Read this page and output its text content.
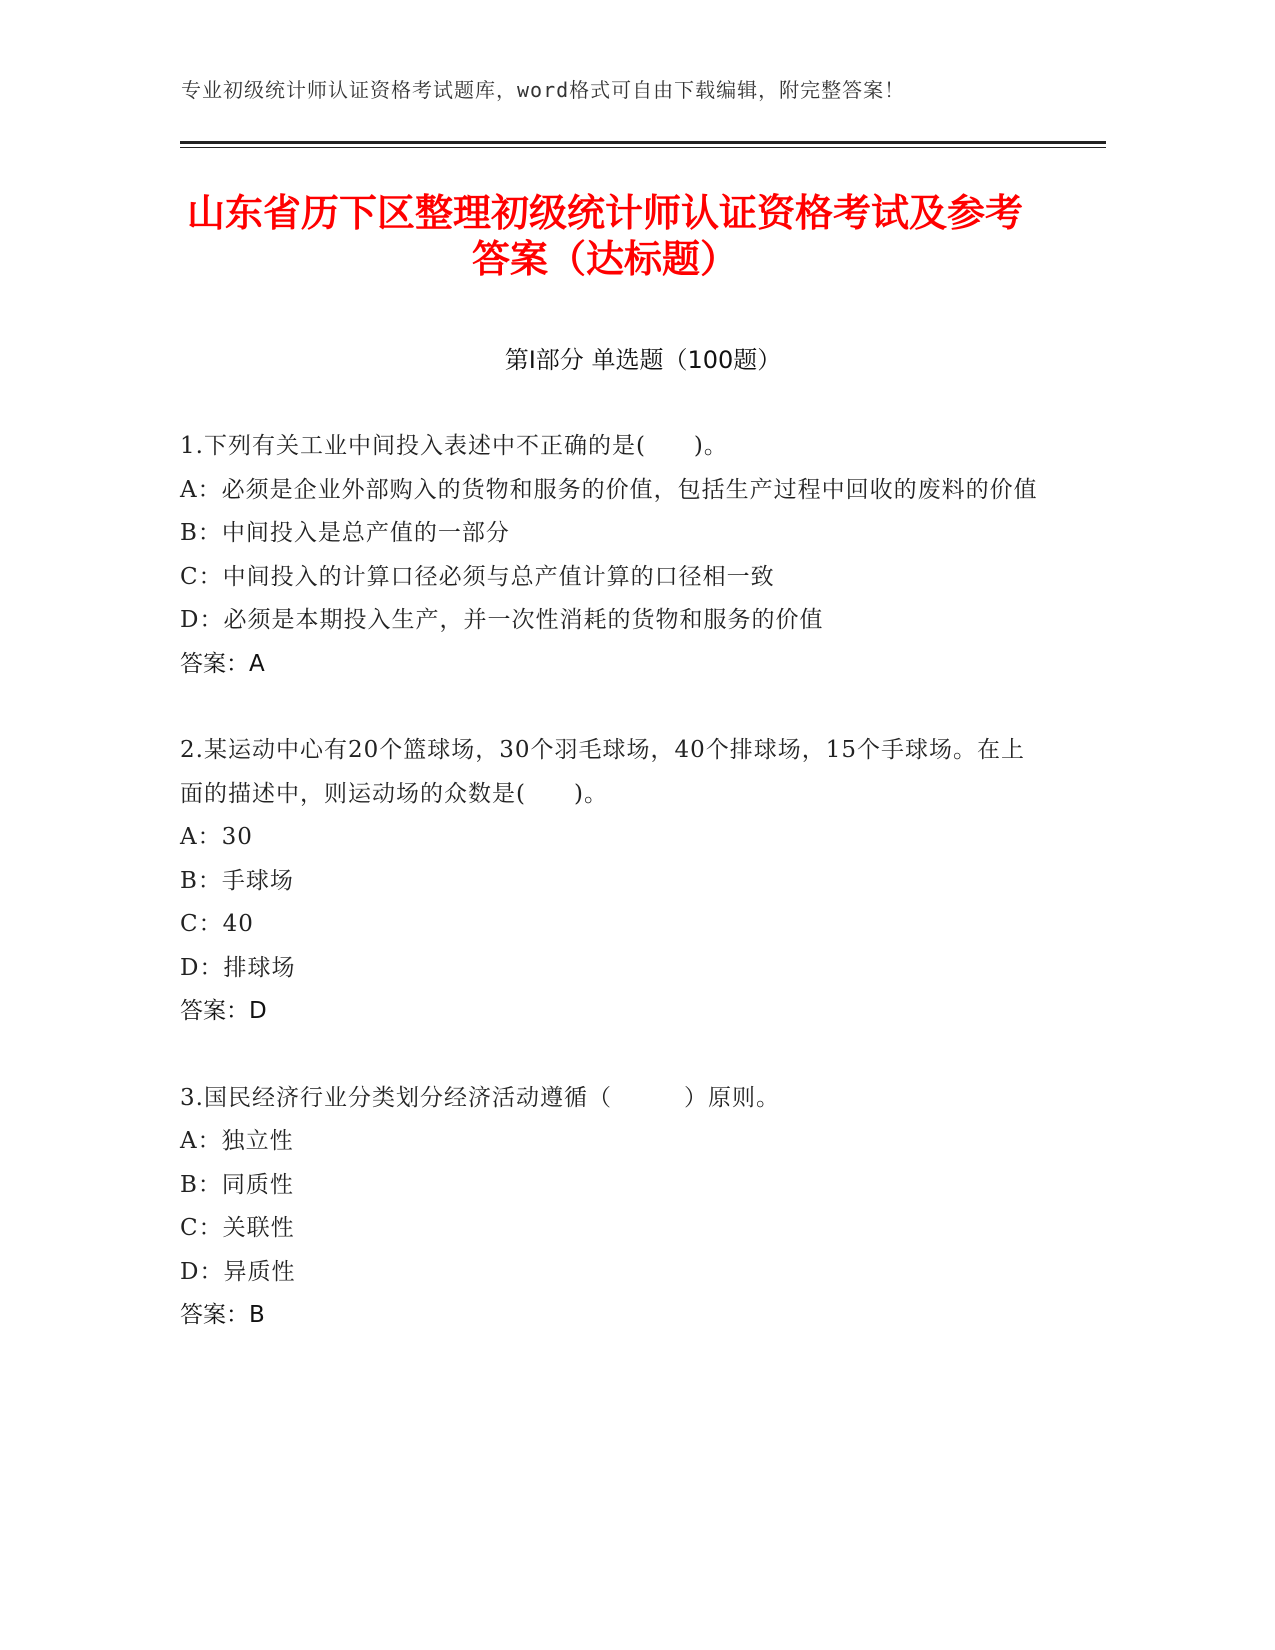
专业初级统计师认证资格考试题库，word格式可自由下载编辑，附完整答案！
山东省历下区整理初级统计师认证资格考试及参考答案（达标题）
第Ⅰ部分 单选题（100题）
1.下列有关工业中间投入表述中不正确的是(　　)。
A：必须是企业外部购入的货物和服务的价值，包括生产过程中回收的废料的价值
B：中间投入是总产值的一部分
C：中间投入的计算口径必须与总产值计算的口径相一致
D：必须是本期投入生产，并一次性消耗的货物和服务的价值
答案：A
2.某运动中心有20个篮球场，30个羽毛球场，40个排球场，15个手球场。在上面的描述中，则运动场的众数是(　　)。
A：30
B：手球场
C：40
D：排球场
答案：D
3.国民经济行业分类划分经济活动遵循（　　　）原则。
A：独立性
B：同质性
C：关联性
D：异质性
答案：B
